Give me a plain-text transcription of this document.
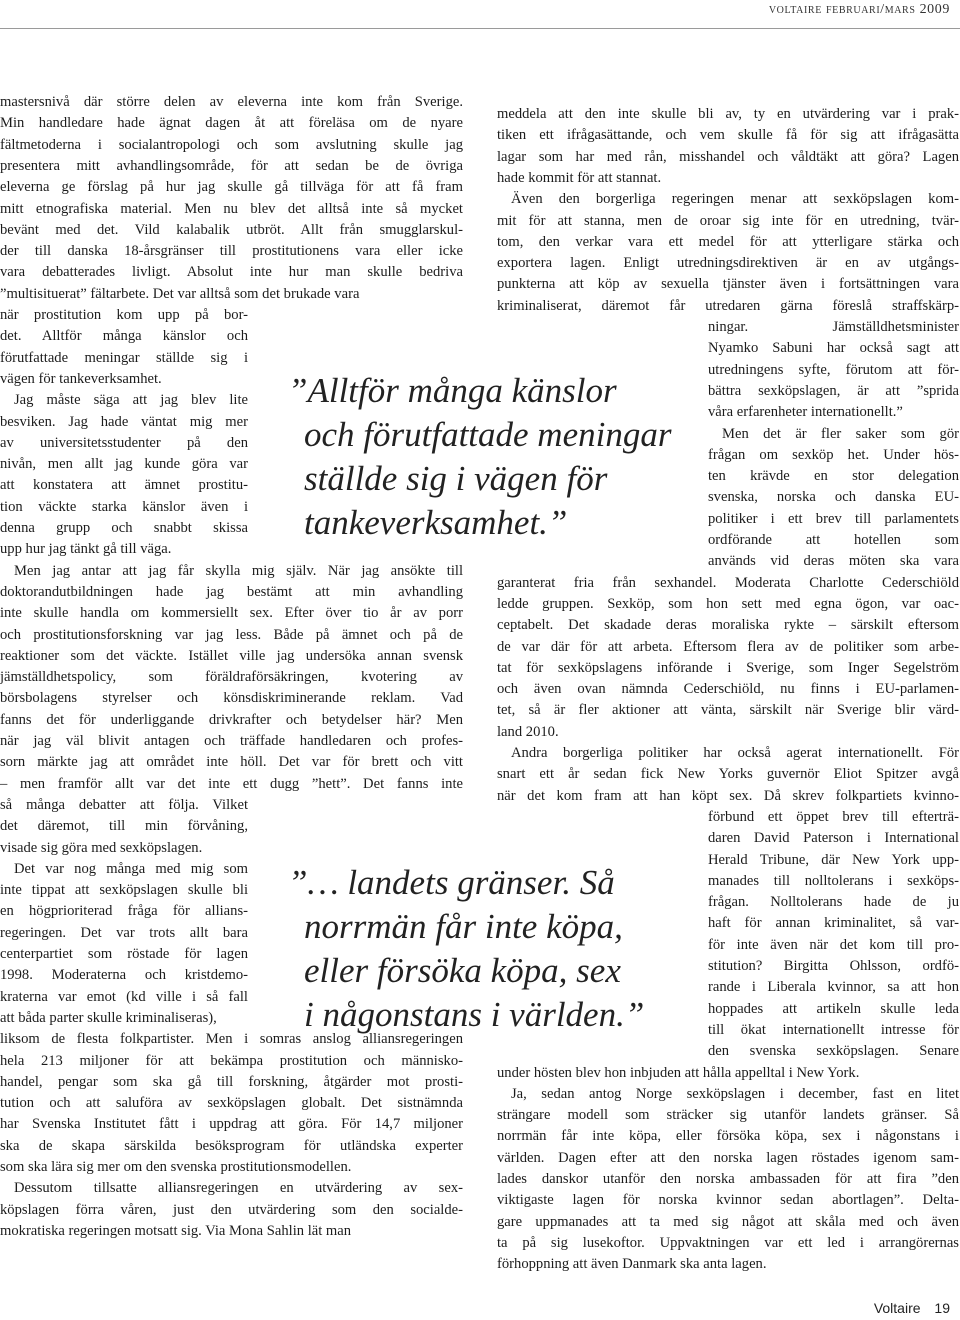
voltaire februari/mars 2009

mastersnivå där större delen av eleverna inte kom från Sverige.

Min handledare hade ägnat dagen åt att föreläsa om de nyare

fältmetoderna i socialantropologi och som avslutning skulle jag

presentera mitt avhandlingsområde, för att sedan be de övriga

eleverna ge förslag på hur jag skulle gå tillväga för att få fram

mitt etnografiska material. Men nu blev det alltså inte så mycket

bevänt med det. Vild kalabalik utbröt. Allt från smugglarskul-

der till danska 18-årsgränser till prostitutionens vara eller icke

vara debatterades livligt. Absolut inte hur man skulle bedriva

”multisituerat” fältarbete. Det var alltså som det brukade vara

när prostitution kom upp på bor-

det. Alltför många känslor och

förutfattade meningar ställde sig i

vägen för tankeverksamhet.

Jag måste säga att jag blev lite

besviken. Jag hade väntat mig mer

av universitetsstudenter på den

nivån, men allt jag kunde göra var

att konstatera att ämnet prostitu-

tion väckte starka känslor även i

denna grupp och snabbt skissa

upp hur jag tänkt gå till väga.

Men jag antar att jag får skylla mig själv. När jag ansökte till

doktorandutbildningen hade jag bestämt att min avhandling

inte skulle handla om kommersiellt sex. Efter över tio år av porr

och prostitutionsforskning var jag less. Både på ämnet och på de

reaktioner som det väckte. Istället ville jag undersöka annan svensk

jämställdhetspolicy, som föräldraförsäkringen, kvotering av

börsbolagens styrelser och könsdiskriminerande reklam. Vad

fanns det för underliggande drivkrafter och betydelser här? Men

när jag väl blivit antagen och träffade handledaren och profes-

sorn märkte jag att området inte höll. Det var för brett och vitt

– men framför allt var det inte ett dugg ”hett”. Det fanns inte

så många debatter att följa. Vilket

det däremot, till min förvåning,

visade sig göra med sexköpslagen.

Det var nog många med mig som

inte tippat att sexköpslagen skulle bli

en högprioriterad fråga för allians-

regeringen. Det var trots allt bara

centerpartiet som röstade för lagen

1998. Moderaterna och kristdemo-

kraterna var emot (kd ville i så fall

att båda parter skulle kriminaliseras),

liksom de flesta folkpartister. Men i somras anslog alliansregeringen

hela 213 miljoner för att bekämpa prostitution och människo-

handel, pengar som ska gå till forskning, åtgärder mot prosti-

tution och att saluföra av sexköpslagen globalt. Det sistnämnda

har Svenska Institutet fått i uppdrag att göra. För 14,7 miljoner

ska de skapa särskilda besöksprogram för utländska experter

som ska lära sig mer om den svenska prostitutionsmodellen.

Dessutom tillsatte alliansregeringen en utvärdering av sex-

köpslagen förra våren, just den utvärdering som den socialde-

mokratiska regeringen motsatt sig. Via Mona Sahlin lät man

meddela att den inte skulle bli av, ty en utvärdering var i prak-

tiken ett ifrågasättande, och vem skulle få för sig att ifrågasätta

lagar som har med rån, misshandel och våldtäkt att göra? Lagen

hade kommit för att stannat.

Även den borgerliga regeringen menar att sexköpslagen kom-

mit för att stanna, men de oroar sig inte för en utredning, tvär-

tom, den verkar vara ett medel för att ytterligare stärka och

exportera lagen. Enligt utredningsdirektiven är en av utgångs-

punkterna att köp av sexuella tjänster även i fortsättningen vara

kriminaliserat, däremot får utredaren gärna föreslå straffskärp-

ningar. Jämställdhetsminister

Nyamko Sabuni har också sagt att

utredningens syfte, förutom att för-

bättra sexköpslagen, är att ”sprida

våra erfarenheter internationellt.”

Men det är fler saker som gör

frågan om sexköp het. Under hös-

ten krävde en stor delegation

svenska, norska och danska EU-

politiker i ett brev till parlamentets

ordförande att hotellen som

används vid deras möten ska vara

garanterat fria från sexhandel. Moderata Charlotte Cederschiöld

ledde gruppen. Sexköp, som hon sett med egna ögon, var oac-

ceptabelt. Det skadade deras moraliska rykte – särskilt eftersom

de var där för att arbeta. Eftersom flera av de politiker som arbe-

tat för sexköpslagens införande i Sverige, som Inger Segelström

och även ovan nämnda Cederschiöld, nu finns i EU-parlamen-

tet, så är fler aktioner att vänta, särskilt när Sverige blir värd-

land 2010.

Andra borgerliga politiker har också agerat internationellt. För

snart ett år sedan fick New Yorks guvernör Eliot Spitzer avgå

när det kom fram att han köpt sex. Då skrev folkpartiets kvinno-

förbund ett öppet brev till efterträ-

daren David Paterson i International

Herald Tribune, där New York upp-

manades till nolltolerans i sexköps-

frågan. Nolltolerans hade de ju

haft för annan kriminalitet, så var-

för inte även när det kom till pro-

stitution? Birgitta Ohlsson, ordfö-

rande i Liberala kvinnor, sa att hon

hoppades att artikeln skulle leda

till ökat internationellt intresse för

den svenska sexköpslagen. Senare

under hösten blev hon inbjuden att hålla appelltal i New York.

Ja, sedan antog Norge sexköpslagen i december, fast en litet

strängare modell som sträcker sig utanför landets gränser. Så

norrmän får inte köpa, eller försöka köpa, sex i någonstans i

världen. Dagen efter att den norska lagen röstades igenom sam-

lades danskor utanför den norska ambassaden för att fira ”den

viktigaste lagen för norska kvinnor sedan abortlagen”. Delta-

gare uppmanades att ta med sig något att skåla med och även

ta på sig lusekoftor. Uppvaktningen var ett led i arrangörernas

förhoppning att även Danmark ska anta lagen.

”Alltför många känslor

och förutfattade meningar

ställde sig i vägen för

tankeverksamhet.”

”… landets gränser. Så

norrmän får inte köpa,

eller försöka köpa, sex

i någonstans i världen.”

Voltaire 19
